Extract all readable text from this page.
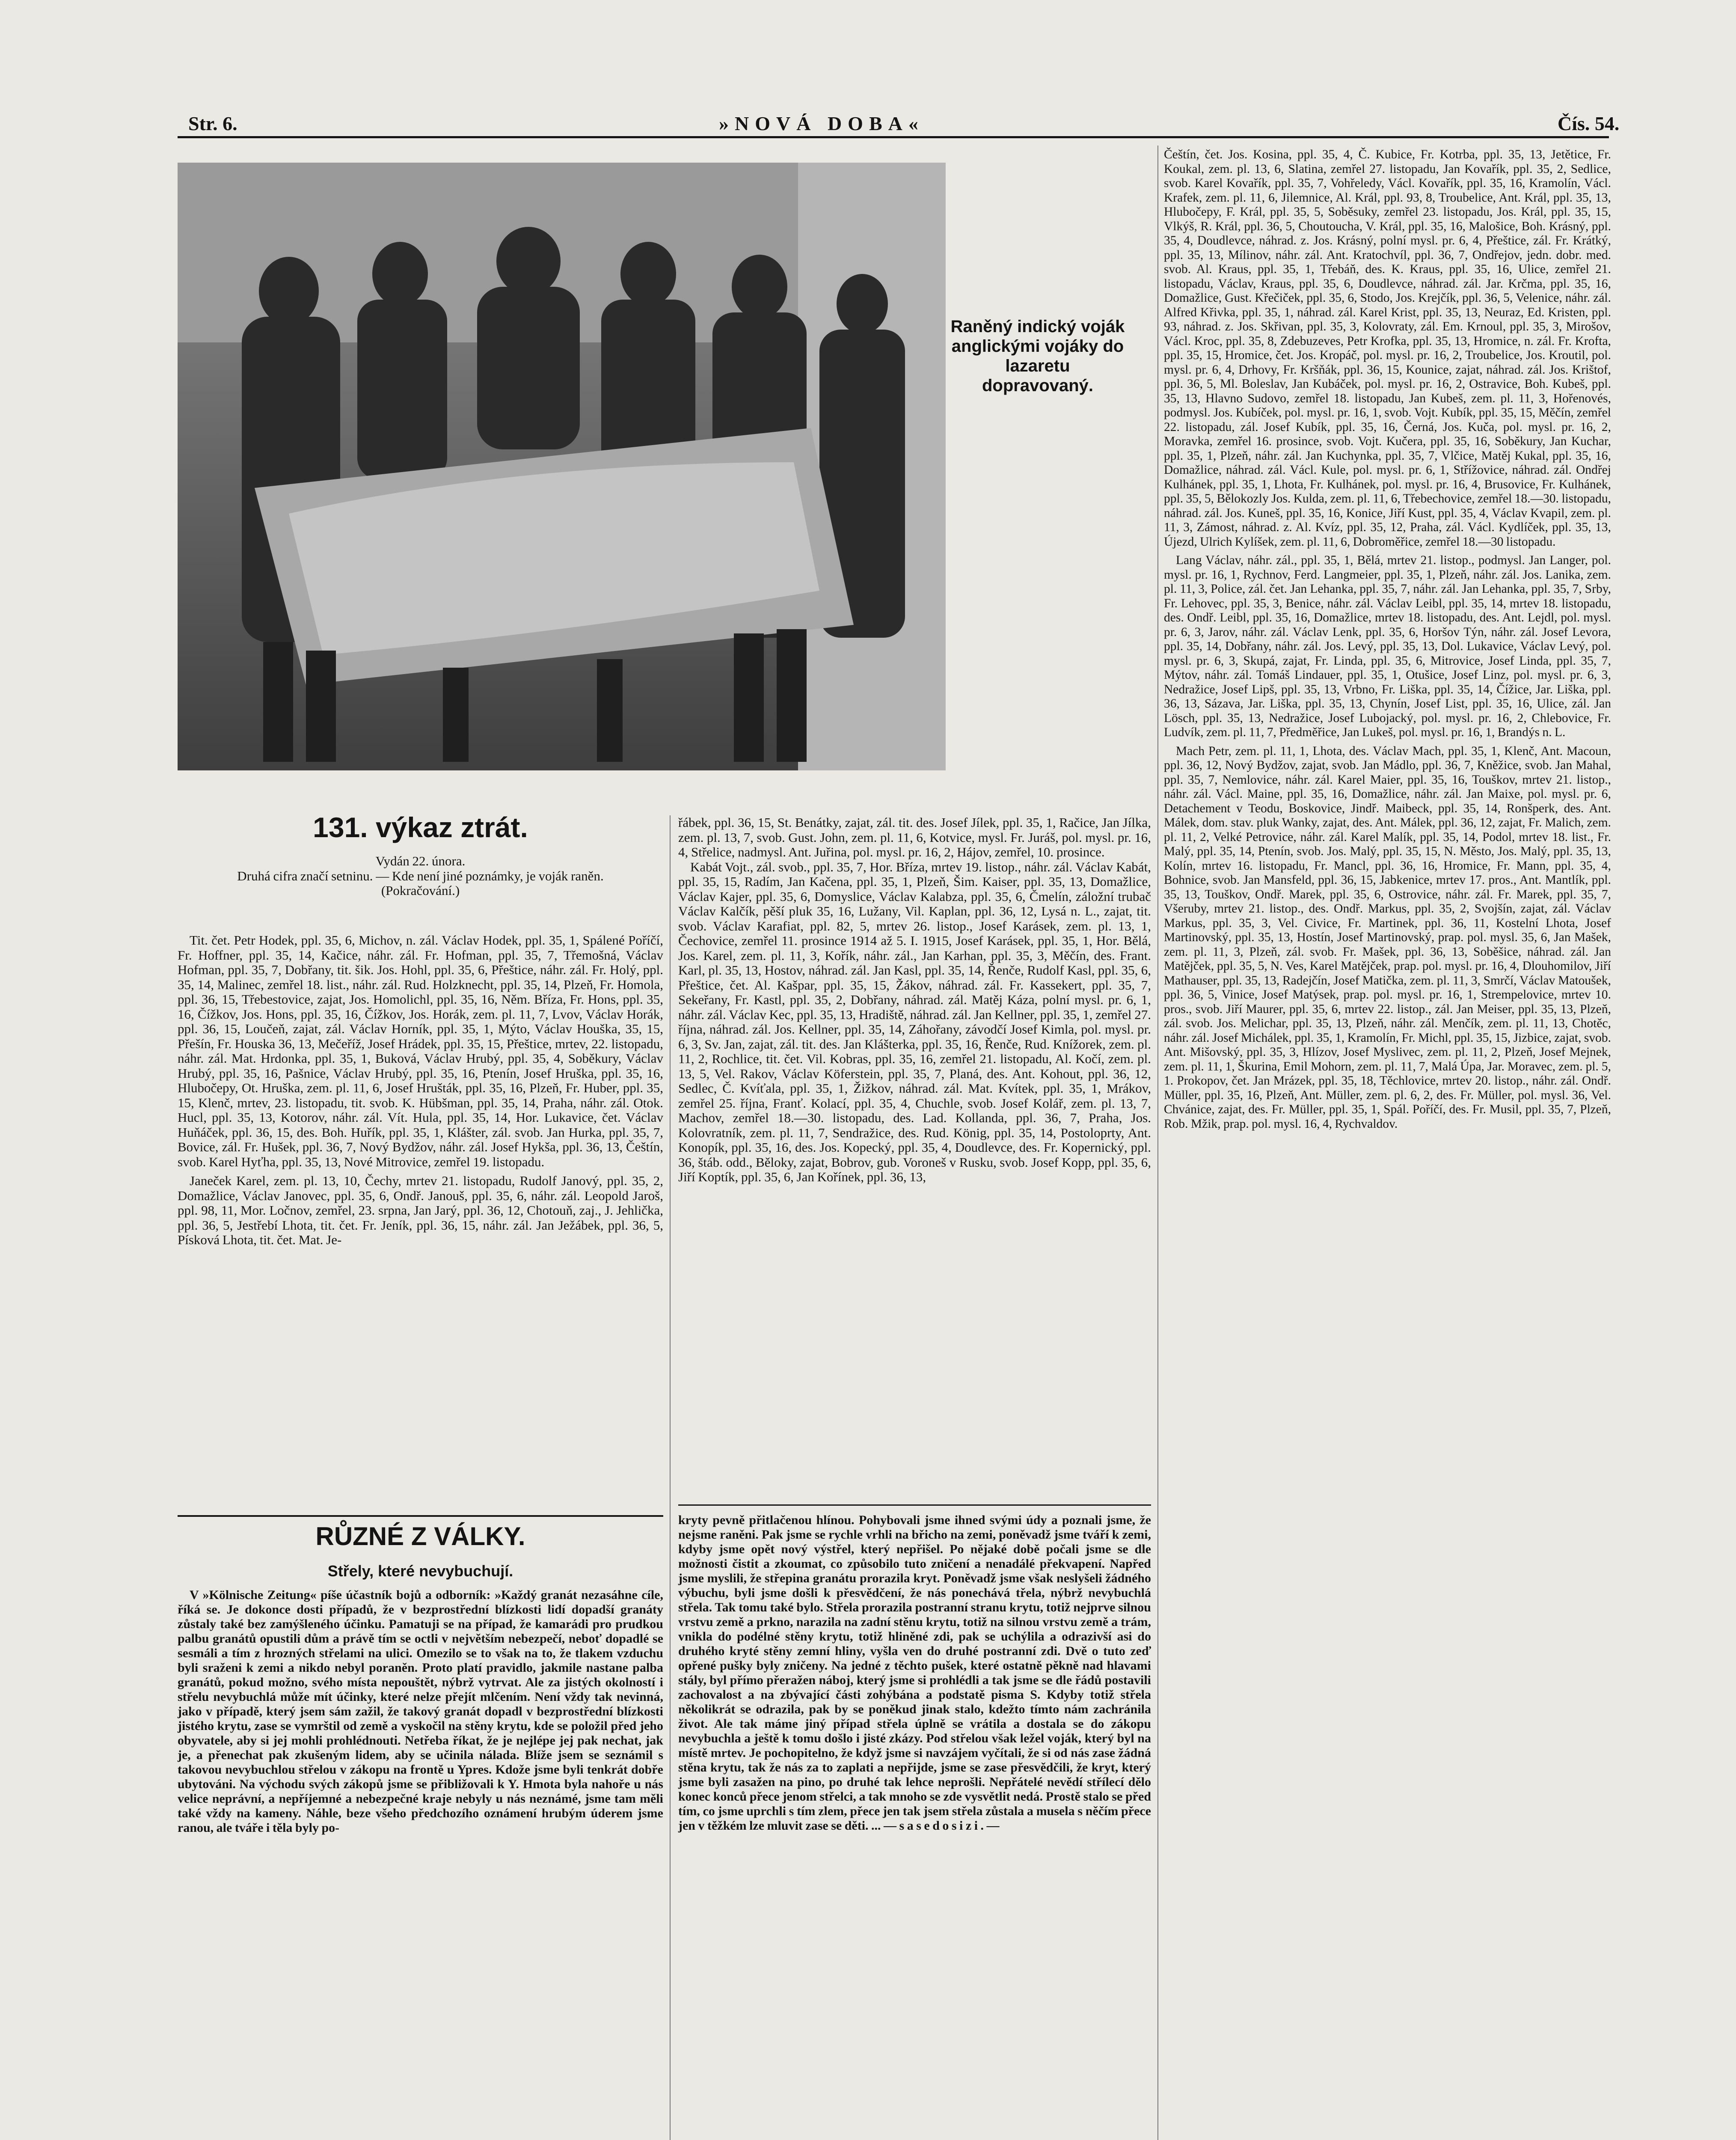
Str. 6.	»NOVÁ DOBA«	Čís. 54.
Raněný indický voják anglickými vojáky do lazaretu dopravovaný.
131. výkaz ztrát.
Vydán 22. února.
Druhá cifra značí setninu. — Kde není jiné poznámky, je voják raněn.
(Pokračování.)

Tit. čet. Petr Hodek, ppl. 35, 6, Michov, n. zál. Václav Hodek, ppl. 35, 1, Spálené Poříčí, Fr. Hoffner, ppl. 35, 14, Kačice, náhr. zál. Fr. Hofman, ppl. 35, 7, Třemošná, Václav Hofman, ppl. 35, 7, Dobřany, tit. šik. Jos. Hohl, ppl. 35, 6, Přeštice, náhr. zál. Fr. Holý, ppl. 35, 14, Malinec, zemřel 18. list., náhr. zál. Rud. Holzknecht, ppl. 35, 14, Plzeň, Fr. Homola, ppl. 36, 15, Třebestovice, zajat, Jos. Homolichl, ppl. 35, 16, Něm. Bříza, Fr. Hons, ppl. 35, 16, Čížkov, Jos. Hons, ppl. 35, 16, Čížkov, Jos. Horák, zem. pl. 11, 7, Lvov, Václav Horák, ppl. 36, 15, Loučeň, zajat, zál. Václav Horník, ppl. 35, 1, Mýto, Václav Houška, 35, 15, Přešín, Fr. Houska 36, 13, Mečeříž, Josef Hrádek, ppl. 35, 15, Přeštice, mrtev, 22. listopadu, náhr. zál. Mat. Hrdonka, ppl. 35, 1, Buková, Václav Hrubý, ppl. 35, 4, Soběkury, Václav Hrubý, ppl. 35, 16, Pašnice, Václav Hrubý, ppl. 35, 16, Ptenín, Josef Hruška, ppl. 35, 16, Hlubočepy, Ot. Hruška, zem. pl. 11, 6, Josef Hrušták, ppl. 35, 16, Plzeň, Fr. Huber, ppl. 35, 15, Klenč, mrtev, 23. listopadu, tit. svob. K. Hübšman, ppl. 35, 14, Praha, náhr. zál. Otok. Hucl, ppl. 35, 13, Kotorov, náhr. zál. Vít. Hula, ppl. 35, 14, Hor. Lukavice, čet. Václav Huňáček, ppl. 36, 15, des. Boh. Huřík, ppl. 35, 1, Klášter, zál. svob. Jan Hurka, ppl. 35, 7, Bovice, zál. Fr. Hušek, ppl. 36, 7, Nový Bydžov, náhr. zál. Josef Hykša, ppl. 36, 13, Češtín, svob. Karel Hyťha, ppl. 35, 13, Nové Mitrovice, zemřel 19. listopadu.

Janeček Karel, zem. pl. 13, 10, Čechy, mrtev 21. listopadu, Rudolf Janový, ppl. 35, 2, Domažlice, Václav Janovec, ppl. 35, 6, Ondř. Janouš, ppl. 35, 6, náhr. zál. Leopold Jaroš, ppl. 98, 11, Mor. Ločnov, zemřel, 23. srpna, Jan Jarý, ppl. 36, 12, Chotouň, zaj., J. Jehlička, ppl. 36, 5, Jestřebí Lhota, tit. čet. Fr. Jeník, ppl. 36, 15, náhr. zál. Jan Ježábek, ppl. 36, 5, Písková Lhota, tit. čet. Mat. Je-

RŮZNÉ Z VÁLKY.
Střely, které nevybuchují.

V »Kölnische Zeitung« píše účastník bojů a odborník: »Každý granát nezasáhne cíle, říká se. Je dokonce dosti případů, že v bezprostřední blízkosti lidí dopadší granáty zůstaly také bez zamýšleného účinku. Pamatuji se na případ, že kamarádi pro prudkou palbu granátů opustili dům a právě tím se octli v největším nebezpečí, neboť dopadlé se sesmáli a tím z hrozných střelami na ulici. Omezilo se to však na to, že tlakem vzduchu byli sraženi k zemi a nikdo nebyl poraněn. Proto platí pravidlo, jakmile nastane palba granátů, pokud možno, svého místa nepouštět, nýbrž vytrvat. Ale za jistých okolností i střelu nevybuchlá může mít účinky, které nelze přejít mlčením. Není vždy tak nevinná, jako v případě, který jsem sám zažil, že takový granát dopadl v bezprostřední blízkosti jistého krytu, zase se vymrštil od země a vyskočil na stěny krytu, kde se položil před jeho obyvatele, aby si jej mohli prohlédnouti. Netřeba říkat, že je nejlépe jej pak nechat, jak je, a přenechat pak zkušeným lidem, aby se učinila nálada. Blíže jsem se seznámil s takovou nevybuchlou střelou v zákopu na frontě u Ypres. Kdože jsme byli tenkrát dobře ubytováni. Na východu svých zákopů jsme se přibližovali k Y. Hmota byla nahoře u nás velice neprávní, a nepříjemné a nebezpečné kraje nebyly u nás neznámé, jsme tam měli také vždy na kameny. Náhle, beze všeho předchozího oznámení hrubým úderem jsme ranou, ale tváře i těla byly po-

řábek, ppl. 36, 15, St. Benátky, zajat, zál. tit. des. Josef Jílek, ppl. 35, 1, Račice, Jan Jílka, zem. pl. 13, 7, svob. Gust. John, zem. pl. 11, 6, Kotvice, mysl. Fr. Juráš, pol. mysl. pr. 16, 4, Střelice, nadmysl. Ant. Juřina, pol. mysl. pr. 16, 2, Hájov, zemřel, 10. prosince.

Kabát Vojt., zál. svob., ppl. 35, 7, Hor. Bříza, mrtev 19. listop., náhr. zál. Václav Kabát, ppl. 35, 15, Radím, Jan Kačena, ppl. 35, 1, Plzeň, Šim. Kaiser, ppl. 35, 13, Domažlice, Václav Kajer, ppl. 35, 6, Domyslice, Václav Kalabza, ppl. 35, 6, Čmelín, záložní trubač Václav Kalčík, pěší pluk 35, 16, Lužany, Vil. Kaplan, ppl. 36, 12, Lysá n. L., zajat, tit. svob. Václav Karafiat, ppl. 82, 5, mrtev 26. listop., Josef Karásek, zem. pl. 13, 1, Čechovice, zemřel 11. prosince 1914 až 5. I. 1915, Josef Karásek, ppl. 35, 1, Hor. Bělá, Jos. Karel, zem. pl. 11, 3, Kořík, náhr. zál., Jan Karhan, ppl. 35, 3, Měčín, des. Frant. Karl, pl. 35, 13, Hostov, náhrad. zál. Jan Kasl, ppl. 35, 14, Řenče, Rudolf Kasl, ppl. 35, 6, Přeštice, čet. Al. Kašpar, ppl. 35, 15, Žákov, náhrad. zál. Fr. Kassekert, ppl. 35, 7, Sekeřany, Fr. Kastl, ppl. 35, 2, Dobřany, náhrad. zál. Matěj Káza, polní mysl. pr. 6, 1, náhr. zál. Václav Kec, ppl. 35, 13, Hradiště, náhrad. zál. Jan Kellner, ppl. 35, 1, zemřel 27. října, náhrad. zál. Jos. Kellner, ppl. 35, 14, Záhořany, závodčí Josef Kimla, pol. mysl. pr. 6, 3, Sv. Jan, zajat, zál. tit. des. Jan Klášterka, ppl. 35, 16, Řenče, Rud. Knížorek, zem. pl. 11, 2, Rochlice, tit. čet. Vil. Kobras, ppl. 35, 16, zemřel 21. listopadu, Al. Kočí, zem. pl. 13, 5, Vel. Rakov, Václav Köferstein, ppl. 35, 7, Planá, des. Ant. Kohout, ppl. 36, 12, Sedlec, Č. Kvíťala, ppl. 35, 1, Žižkov, náhrad. zál. Mat. Kvítek, ppl. 35, 1, Mrákov, zemřel 25. října, Franť. Kolací, ppl. 35, 4, Chuchle, svob. Josef Kolář, zem. pl. 13, 7, Machov, zemřel 18.—30. listopadu, des. Lad. Kollanda, ppl. 36, 7, Praha, Jos. Kolovratník, zem. pl. 11, 7, Sendražice, des. Rud. König, ppl. 35, 14, Postoloprty, Ant. Konopík, ppl. 35, 16, des. Jos. Kopecký, ppl. 35, 4, Doudlevce, des. Fr. Kopernický, ppl. 36, štáb. odd., Běloky, zajat, Bobrov, gub. Voroneš v Rusku, svob. Josef Kopp, ppl. 35, 6, Jiří Koptík, ppl. 35, 6, Jan Kořínek, ppl. 36, 13,

kryty pevně přitlačenou hlínou. Pohybovali jsme ihned svými údy a poznali jsme, že nejsme raněni. Pak jsme se rychle vrhli na břicho na zemi, poněvadž jsme tváří k zemi, kdyby jsme opět nový výstřel, který nepřišel. Po nějaké době počali jsme se dle možnosti čistit a zkoumat, co způsobilo tuto zničení a nenadálé překvapení. Napřed jsme myslili, že střepina granátu prorazila kryt. Poněvadž jsme však neslyšeli žádného výbuchu, byli jsme došli k přesvědčení, že nás ponechává třela, nýbrž nevybuchlá střela. Tak tomu také bylo. Střela prorazila postranní stranu krytu, totiž nejprve silnou vrstvu země a prkno, narazila na zadní stěnu krytu, totiž na silnou vrstvu země a trám, vnikla do podélné stěny krytu, totiž hliněné zdi, pak se uchýlila a odrazivší asi do druhého kryté stěny zemní hliny, vyšla ven do druhé postranní zdi. Dvě o tuto zeď opřené pušky byly zničeny. Na jedné z těchto pušek, které ostatně pěkně nad hlavami stály, byl přímo přeražen náboj, který jsme si prohlédli a tak jsme se dle řádů postavili zachovalost a na zbývající části zohýbána a podstatě pisma S. Kdyby totiž střela několikrát se odrazila, pak by se poněkud jinak stalo, kdežto tímto nám zachránila život. Ale tak máme jiný případ střela úplně se vrátila a dostala se do zákopu nevybuchla a ještě k tomu došlo i jisté zkázy. Pod střelou však ležel voják, který byl na místě mrtev. Je pochopitelno, že když jsme si navzájem vyčítali, že si od nás zase žádná stěna krytu, tak že nás za to zaplati a nepřijde, jsme se zase přesvědčili, že kryt, který jsme byli zasažen na pino, po druhé tak lehce neprošli. Nepřátelé nevědí střílecí dělo konec konců přece jenom střelci, a tak mnoho se zde vysvětlit nedá. Prostě stalo se před tím, co jsme uprchli s tím zlem, přece jen tak jsem střela zůstala a musela s něčím přece jen v těžkém lze mluvit zase se děti. ... — s a s e d o s i z i . —

Češtín, čet. Jos. Kosina, ppl. 35, 4, Č. Kubice, Fr. Kotrba, ppl. 35, 13, Jetětice, Fr. Koukal, zem. pl. 13, 6, Slatina, zemřel 27. listopadu, Jan Kovařík, ppl. 35, 2, Sedlice, svob. Karel Kovařík, ppl. 35, 7, Vohřeledy, Václ. Kovařík, ppl. 35, 16, Kramolín, Václ. Krafek, zem. pl. 11, 6, Jilemnice, Al. Král, ppl. 93, 8, Troubelice, Ant. Král, ppl. 35, 13, Hlubočepy, F. Král, ppl. 35, 5, Soběsuky, zemřel 23. listopadu, Jos. Král, ppl. 35, 15, Vlkýš, R. Král, ppl. 36, 5, Choutoucha, V. Král, ppl. 35, 16, Malošice, Boh. Krásný, ppl. 35, 4, Doudlevce, náhrad. z. Jos. Krásný, polní mysl. pr. 6, 4, Přeštice, zál. Fr. Krátký, ppl. 35, 13, Mílinov, náhr. zál. Ant. Kratochvíl, ppl. 36, 7, Ondřejov, jedn. dobr. med. svob. Al. Kraus, ppl. 35, 1, Třebáň, des. K. Kraus, ppl. 35, 16, Ulice, zemřel 21. listopadu, Václav, Kraus, ppl. 35, 6, Doudlevce, náhrad. zál. Jar. Krčma, ppl. 35, 16, Domažlice, Gust. Křečiček, ppl. 35, 6, Stodo, Jos. Krejčík, ppl. 36, 5, Velenice, náhr. zál. Alfred Křivka, ppl. 35, 1, náhrad. zál. Karel Krist, ppl. 35, 13, Neuraz, Ed. Kristen, ppl. 93, náhrad. z. Jos. Skřivan, ppl. 35, 3, Kolovraty, zál. Em. Krnoul, ppl. 35, 3, Mirošov, Václ. Kroc, ppl. 35, 8, Zdebuzeves, Petr Krofka, ppl. 35, 13, Hromice, n. zál. Fr. Krofta, ppl. 35, 15, Hromice, čet. Jos. Kropáč, pol. mysl. pr. 16, 2, Troubelice, Jos. Kroutil, pol. mysl. pr. 6, 4, Drhovy, Fr. Kršňák, ppl. 36, 15, Kounice, zajat, náhrad. zál. Jos. Krištof, ppl. 36, 5, Ml. Boleslav, Jan Kubáček, pol. mysl. pr. 16, 2, Ostravice, Boh. Kubeš, ppl. 35, 13, Hlavno Sudovo, zemřel 18. listopadu, Jan Kubeš, zem. pl. 11, 3, Hořenovés, podmysl. Jos. Kubíček, pol. mysl. pr. 16, 1, svob. Vojt. Kubík, ppl. 35, 15, Měčín, zemřel 22. listopadu, zál. Josef Kubík, ppl. 35, 16, Černá, Jos. Kuča, pol. mysl. pr. 16, 2, Moravka, zemřel 16. prosince, svob. Vojt. Kučera, ppl. 35, 16, Soběkury, Jan Kuchar, ppl. 35, 1, Plzeň, náhr. zál. Jan Kuchynka, ppl. 35, 7, Vlčice, Matěj Kukal, ppl. 35, 16, Domažlice, náhrad. zál. Václ. Kule, pol. mysl. pr. 6, 1, Střížovice, náhrad. zál. Ondřej Kulhánek, ppl. 35, 1, Lhota, Fr. Kulhánek, pol. mysl. pr. 16, 4, Brusovice, Fr. Kulhánek, ppl. 35, 5, Bělokozly Jos. Kulda, zem. pl. 11, 6, Třebechovice, zemřel 18.—30. listopadu, náhrad. zál. Jos. Kuneš, ppl. 35, 16, Konice, Jiří Kust, ppl. 35, 4, Václav Kvapil, zem. pl. 11, 3, Zámost, náhrad. z. Al. Kvíz, ppl. 35, 12, Praha, zál. Václ. Kydlíček, ppl. 35, 13, Újezd, Ulrich Kylíšek, zem. pl. 11, 6, Dobroměřice, zemřel 18.—30 listopadu.

Lang Václav, náhr. zál., ppl. 35, 1, Bělá, mrtev 21. listop., podmysl. Jan Langer, pol. mysl. pr. 16, 1, Rychnov, Ferd. Langmeier, ppl. 35, 1, Plzeň, náhr. zál. Jos. Lanika, zem. pl. 11, 3, Police, zál. čet. Jan Lehanka, ppl. 35, 7, náhr. zál. Jan Lehanka, ppl. 35, 7, Srby, Fr. Lehovec, ppl. 35, 3, Benice, náhr. zál. Václav Leibl, ppl. 35, 14, mrtev 18. listopadu, des. Ondř. Leibl, ppl. 35, 16, Domažlice, mrtev 18. listopadu, des. Ant. Lejdl, pol. mysl. pr. 6, 3, Jarov, náhr. zál. Václav Lenk, ppl. 35, 6, Horšov Týn, náhr. zál. Josef Levora, ppl. 35, 14, Dobřany, náhr. zál. Jos. Levý, ppl. 35, 13, Dol. Lukavice, Václav Levý, pol. mysl. pr. 6, 3, Skupá, zajat, Fr. Linda, ppl. 35, 6, Mitrovice, Josef Linda, ppl. 35, 7, Mýtov, náhr. zál. Tomáš Lindauer, ppl. 35, 1, Otušice, Josef Linz, pol. mysl. pr. 6, 3, Nedražice, Josef Lipš, ppl. 35, 13, Vrbno, Fr. Liška, ppl. 35, 14, Čížice, Jar. Liška, ppl. 36, 13, Sázava, Jar. Liška, ppl. 35, 13, Chynín, Josef List, ppl. 35, 16, Ulice, zál. Jan Lösch, ppl. 35, 13, Nedražice, Josef Lubojacký, pol. mysl. pr. 16, 2, Chlebovice, Fr. Ludvík, zem. pl. 11, 7, Předměřice, Jan Lukeš, pol. mysl. pr. 16, 1, Brandýs n. L.

Mach Petr, zem. pl. 11, 1, Lhota, des. Václav Mach, ppl. 35, 1, Klenč, Ant. Macoun, ppl. 36, 12, Nový Bydžov, zajat, svob. Jan Mádlo, ppl. 36, 7, Kněžice, svob. Jan Mahal, ppl. 35, 7, Nemlovice, náhr. zál. Karel Maier, ppl. 35, 16, Touškov, mrtev 21. listop., náhr. zál. Václ. Maine, ppl. 35, 16, Domažlice, náhr. zál. Jan Maixe, pol. mysl. pr. 6, Detachement v Teodu, Boskovice, Jindř. Maibeck, ppl. 35, 14, Ronšperk, des. Ant. Málek, dom. stav. pluk Wanky, zajat, des. Ant. Málek, ppl. 36, 12, zajat, Fr. Malich, zem. pl. 11, 2, Velké Petrovice, náhr. zál. Karel Malík, ppl. 35, 14, Podol, mrtev 18. list., Fr. Malý, ppl. 35, 14, Ptenín, svob. Jos. Malý, ppl. 35, 15, N. Město, Jos. Malý, ppl. 35, 13, Kolín, mrtev 16. listopadu, Fr. Mancl, ppl. 36, 16, Hromice, Fr. Mann, ppl. 35, 4, Bohnice, svob. Jan Mansfeld, ppl. 36, 15, Jabkenice, mrtev 17. pros., Ant. Mantlík, ppl. 35, 13, Touškov, Ondř. Marek, ppl. 35, 6, Ostrovice, náhr. zál. Fr. Marek, ppl. 35, 7, Všeruby, mrtev 21. listop., des. Ondř. Markus, ppl. 35, 2, Svojšín, zajat, zál. Václav Markus, ppl. 35, 3, Vel. Civice, Fr. Martinek, ppl. 36, 11, Kostelní Lhota, Josef Martinovský, ppl. 35, 13, Hostín, Josef Martinovský, prap. pol. mysl. 35, 6, Jan Mašek, zem. pl. 11, 3, Plzeň, zál. svob. Fr. Mašek, ppl. 36, 13, Soběšice, náhrad. zál. Jan Matějček, ppl. 35, 5, N. Ves, Karel Matějček, prap. pol. mysl. pr. 16, 4, Dlouhomilov, Jiří Mathauser, ppl. 35, 13, Radejčín, Josef Matička, zem. pl. 11, 3, Smrčí, Václav Matoušek, ppl. 36, 5, Vinice, Josef Matýsek, prap. pol. mysl. pr. 16, 1, Strempelovice, mrtev 10. pros., svob. Jiří Maurer, ppl. 35, 6, mrtev 22. listop., zál. Jan Meiser, ppl. 35, 13, Plzeň, zál. svob. Jos. Melichar, ppl. 35, 13, Plzeň, náhr. zál. Menčík, zem. pl. 11, 13, Chotěc, náhr. zál. Josef Michálek, ppl. 35, 1, Kramolín, Fr. Michl, ppl. 35, 15, Jizbice, zajat, svob. Ant. Mišovský, ppl. 35, 3, Hlízov, Josef Myslivec, zem. pl. 11, 2, Plzeň, Josef Mejnek, zem. pl. 11, 1, Škurina, Emil Mohorn, zem. pl. 11, 7, Malá Úpa, Jar. Moravec, zem. pl. 5, 1. Prokopov, čet. Jan Mrázek, ppl. 35, 18, Těchlovice, mrtev 20. listop., náhr. zál. Ondř. Müller, ppl. 35, 16, Plzeň, Ant. Müller, zem. pl. 6, 2, des. Fr. Müller, pol. mysl. 36, Vel. Chvánice, zajat, des. Fr. Müller, ppl. 35, 1, Spál. Poříčí, des. Fr. Musil, ppl. 35, 7, Plzeň, Rob. Mžik, prap. pol. mysl. 16, 4, Rychvaldov.
